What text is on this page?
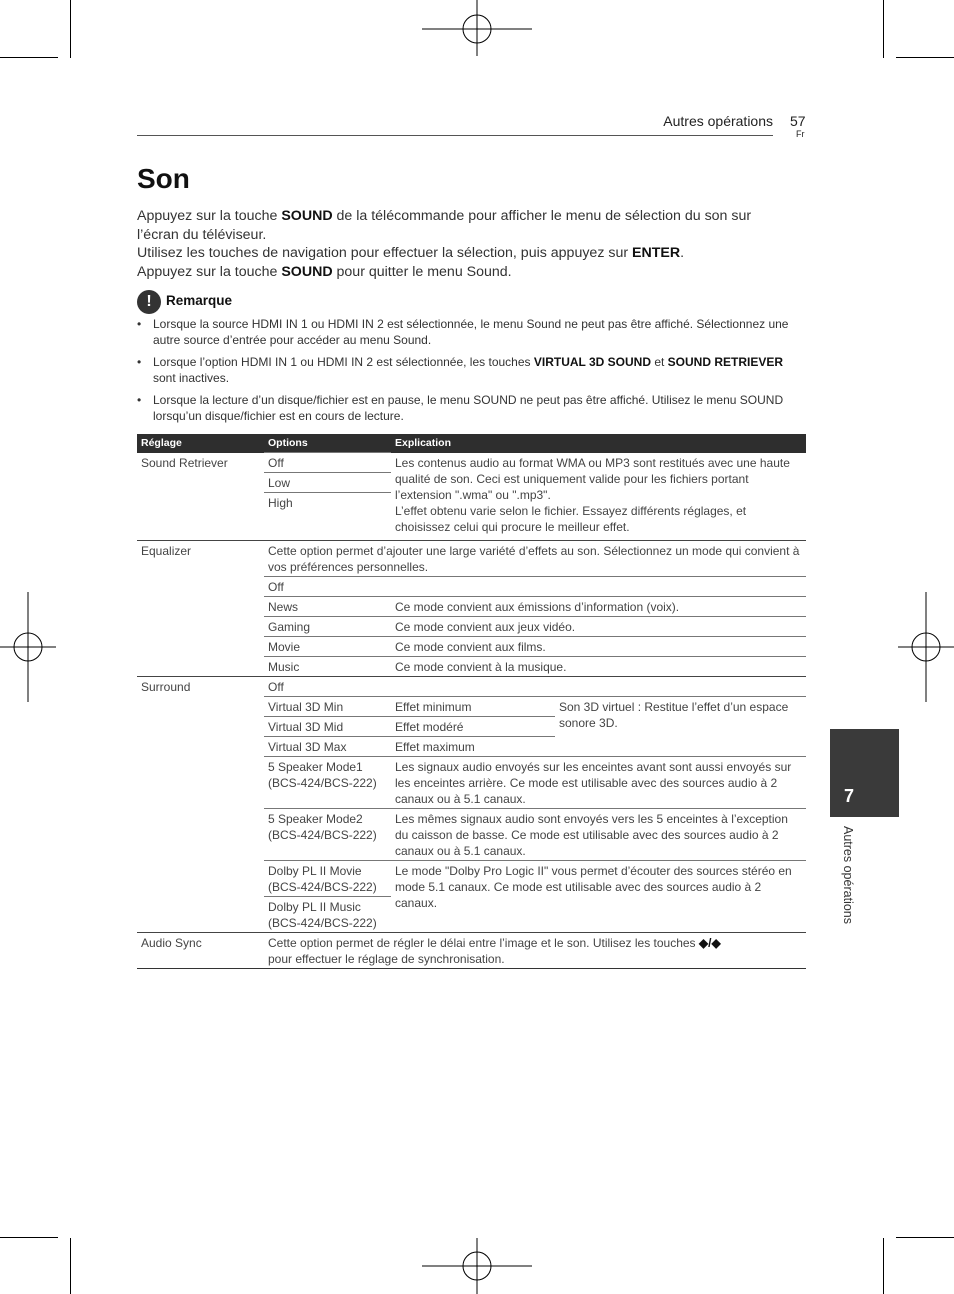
Autres opérations 57
Fr
Son
Appuyez sur la touche SOUND de la télécommande pour afficher le menu de sélection du son sur
l’écran du téléviseur.
Utilisez les touches de navigation pour effectuer la sélection, puis appuyez sur ENTER.
Appuyez sur la touche SOUND pour quitter le menu Sound.
!	Remarque
• Lorsque la source HDMI IN 1 ou HDMI IN 2 est sélectionnée, le menu Sound ne peut pas être affiché. Sélectionnez une autre source d’entrée pour accéder au menu Sound.
• Lorsque l’option HDMI IN 1 ou HDMI IN 2 est sélectionnée, les touches VIRTUAL 3D SOUND et SOUND RETRIEVER sont inactives.
• Lorsque la lecture d’un disque/fichier est en pause, le menu SOUND ne peut pas être affiché. Utilisez le menu SOUND lorsqu’un disque/fichier est en cours de lecture.
Réglage	Options	Explication	
Sound Retriever	Off	Les contenus audio au format WMA ou MP3 sont restitués avec une haute qualité de son. Ceci est uniquement valide pour les fichiers portant l’extension ".wma" ou ".mp3".
L’effet obtenu varie selon le fichier. Essayez différents réglages, et choisissez celui qui procure le meilleur effet.	

	Low		
	High		
Equalizer	Cette option permet d’ajouter une large variété d’effets au son. Sélectionnez un mode qui convient à vos préférences personnelles.		
	Off		
	News	Ce mode convient aux émissions d’information (voix).	
	Gaming	Ce mode convient aux jeux vidéo.	
	Movie	Ce mode convient aux films.	
	Music	Ce mode convient à la musique.	
Surround	Off		
	Virtual 3D Min	Effet minimum	Son 3D virtuel : Restitue l’effet d’un espace sonore 3D.
	Virtual 3D Mid	Effet modéré	
	Virtual 3D Max	Effet maximum	

	5 Speaker Mode1
(BCS-424/BCS-222)	Les signaux audio envoyés sur les enceintes avant sont aussi envoyés sur les enceintes arrière. Ce mode est utilisable avec des sources audio à 2 canaux ou à 5.1 canaux.	

	5 Speaker Mode2
(BCS-424/BCS-222)	Les mêmes signaux audio sont envoyés vers les 5 enceintes à l’exception du caisson de basse. Ce mode est utilisable avec des sources audio à 2 canaux ou à 5.1 canaux.	

	Dolby PL II Movie
(BCS-424/BCS-222)	Le mode "Dolby Pro Logic II" vous permet d’écouter des sources stéréo en mode 5.1 canaux. Ce mode est utilisable avec des sources audio à 2 canaux.	

	Dolby PL II Music
(BCS-424/BCS-222)		

Audio Sync	Cette option permet de régler le délai entre l’image et le son. Utilisez les touches ◆/◆
pour effectuer le réglage de synchronisation.		
7
Autres opérations
